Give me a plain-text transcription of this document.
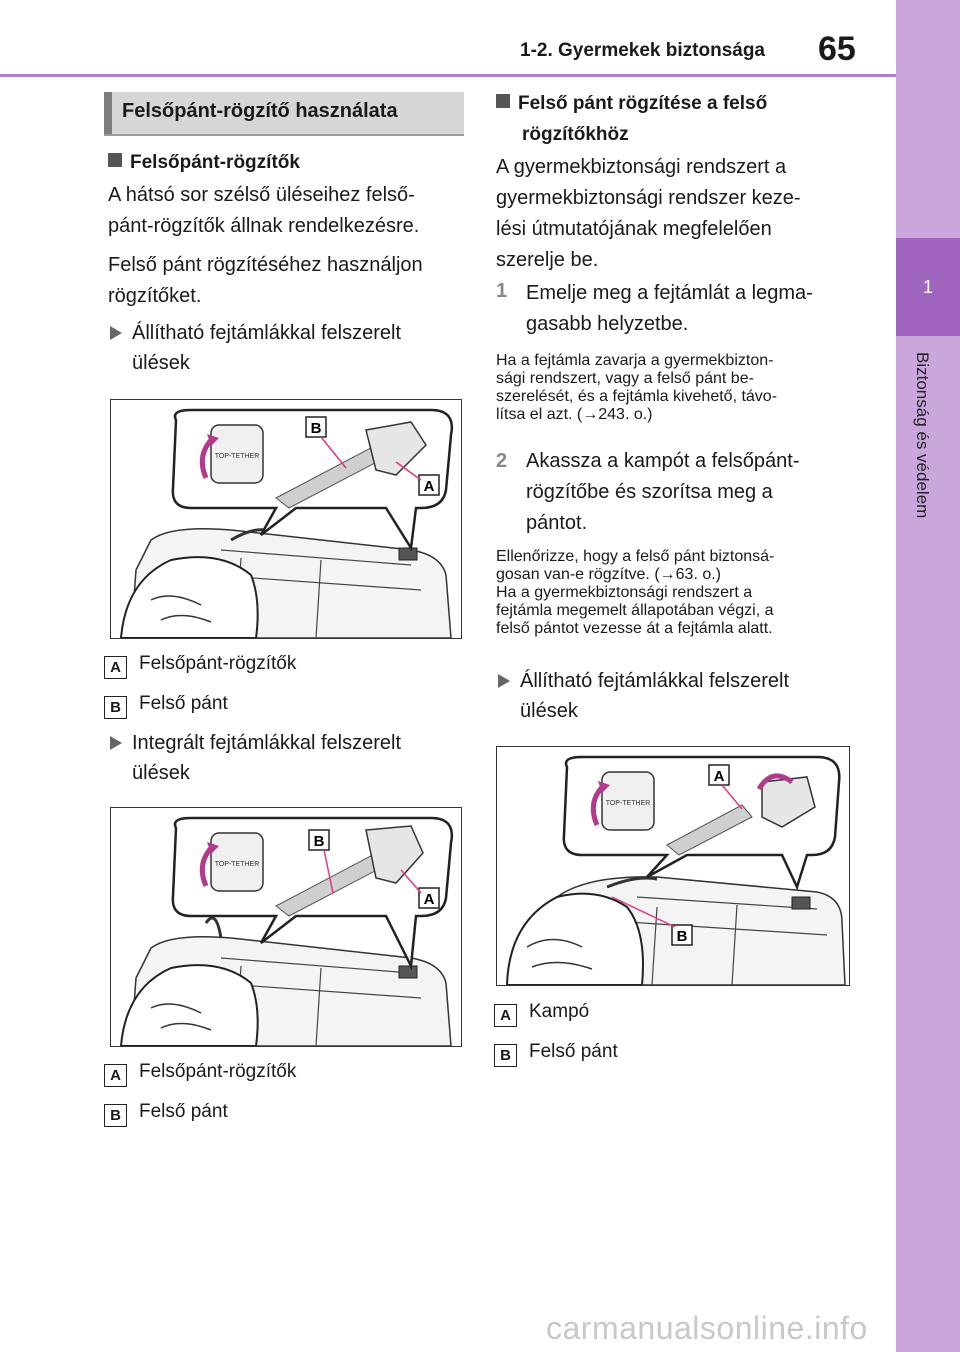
1-2. Gyermekek biztonsága 65
1
Biztonság és védelem
Felsőpánt-rögzítő használata
Felsőpánt-rögzítők
A hátsó sor szélső üléseihez felső-
pánt-rögzítők állnak rendelkezésre.
Felső pánt rögzítéséhez használjon
rögzítőket.
Állítható fejtámlákkal felszerelt
ülések
TOP-TETHER
B
A
A Felsőpánt-rögzítők
B Felső pánt
Integrált fejtámlákkal felszerelt
ülések
TOP-TETHER
B
A
A Felsőpánt-rögzítők
B Felső pánt
Felső pánt rögzítése a felső
rögzítőkhöz
A gyermekbiztonsági rendszert a
gyermekbiztonsági rendszer keze-
lési útmutatójának megfelelően
szerelje be.
1 Emelje meg a fejtámlát a legma-
gasabb helyzetbe.
Ha a fejtámla zavarja a gyermekbizton-
sági rendszert, vagy a felső pánt be-
szerelését, és a fejtámla kivehető, távo-
lítsa el azt. (→243. o.)
2 Akassza a kampót a felsőpánt-
rögzítőbe és szorítsa meg a
pántot.
Ellenőrizze, hogy a felső pánt biztonsá-
gosan van-e rögzítve. (→63. o.)
Ha a gyermekbiztonsági rendszert a
fejtámla megemelt állapotában végzi, a
felső pántot vezesse át a fejtámla alatt.
Állítható fejtámlákkal felszerelt
ülések
TOP-TETHER
A
B
A Kampó
B Felső pánt
carmanualsonline.info
